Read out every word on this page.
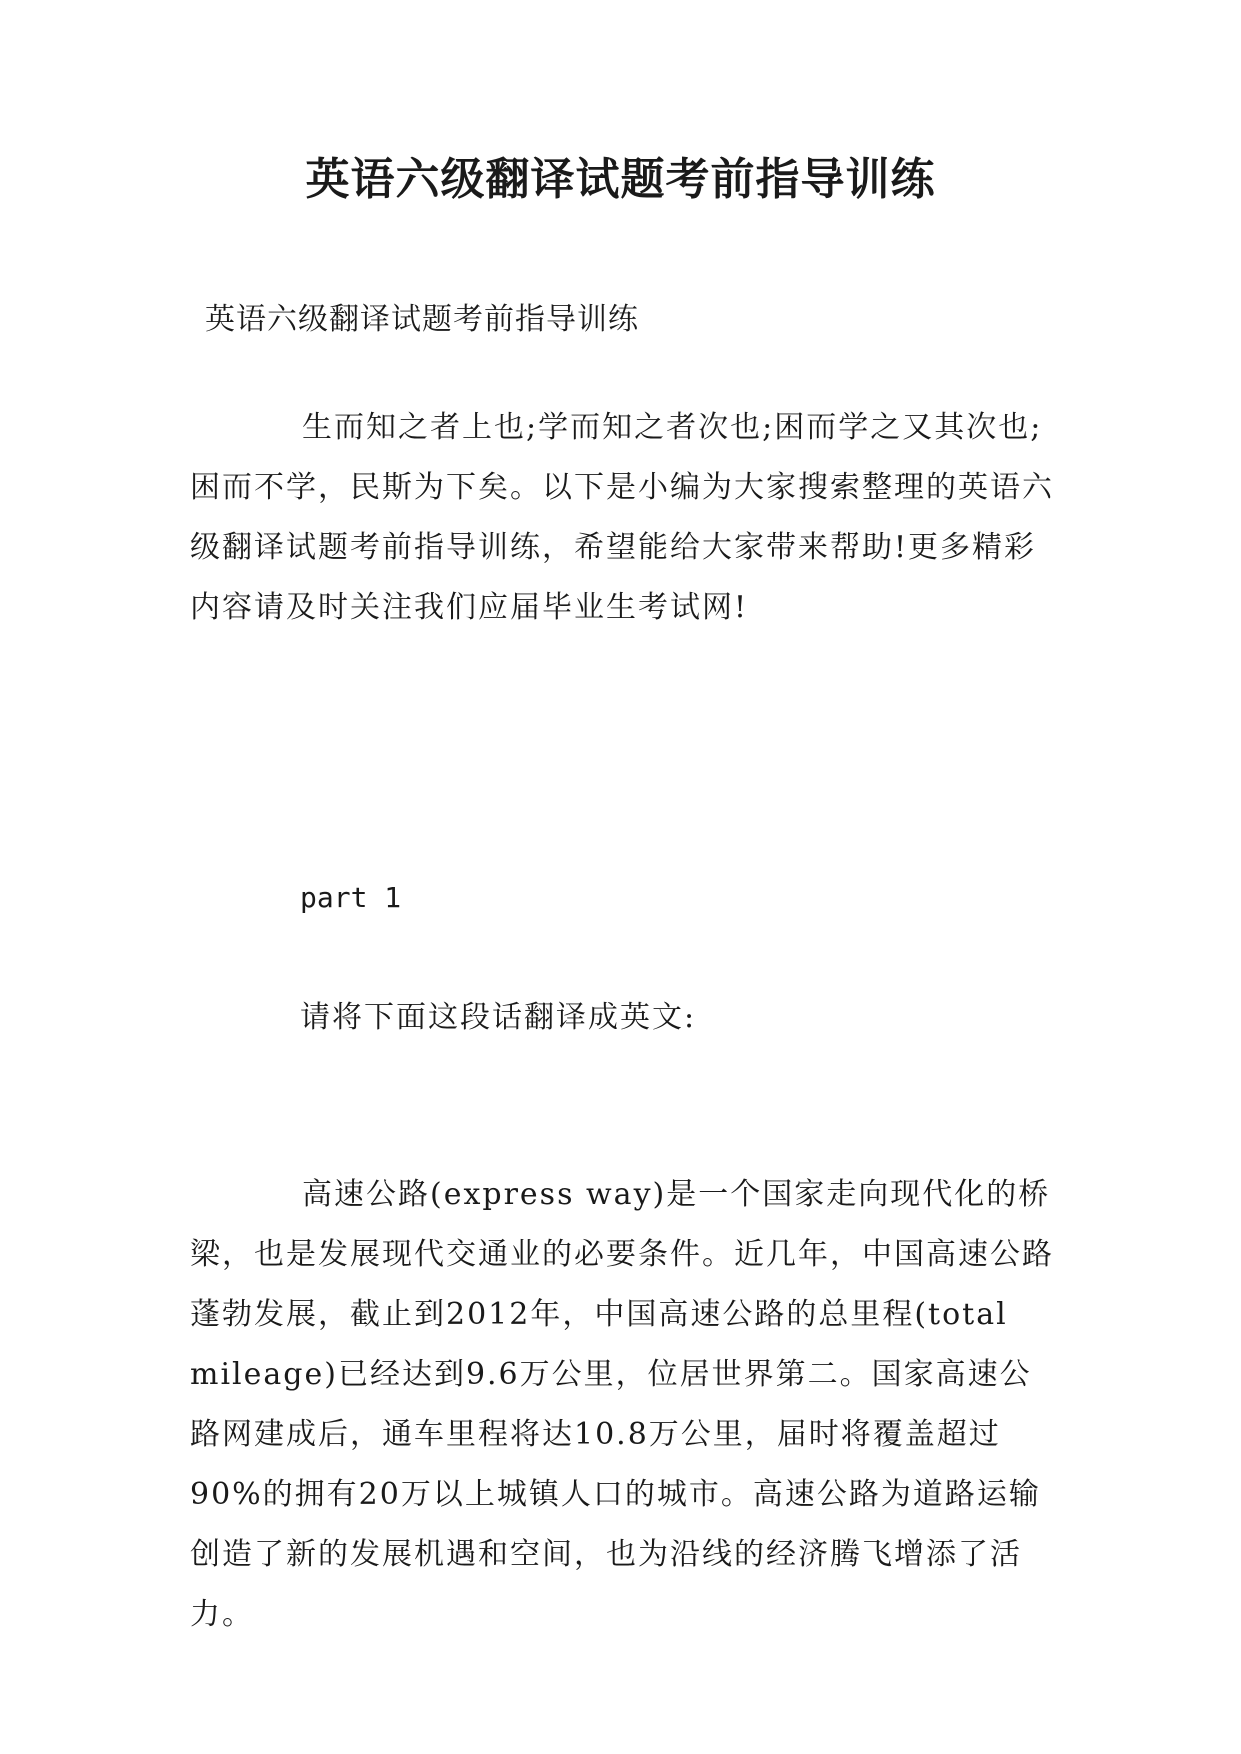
英语六级翻译试题考前指导训练

英语六级翻译试题考前指导训练

生而知之者上也;学而知之者次也;困而学之又其次也;困而不学，民斯为下矣。以下是小编为大家搜索整理的英语六级翻译试题考前指导训练，希望能给大家带来帮助!更多精彩内容请及时关注我们应届毕业生考试网!

part 1

请将下面这段话翻译成英文:

高速公路(express way)是一个国家走向现代化的桥梁，也是发展现代交通业的必要条件。近几年，中国高速公路蓬勃发展，截止到2012年，中国高速公路的总里程(total mileage)已经达到9.6万公里，位居世界第二。国家高速公路网建成后，通车里程将达10.8万公里，届时将覆盖超过90%的拥有20万以上城镇人口的城市。高速公路为道路运输创造了新的发展机遇和空间，也为沿线的经济腾飞增添了活力。
